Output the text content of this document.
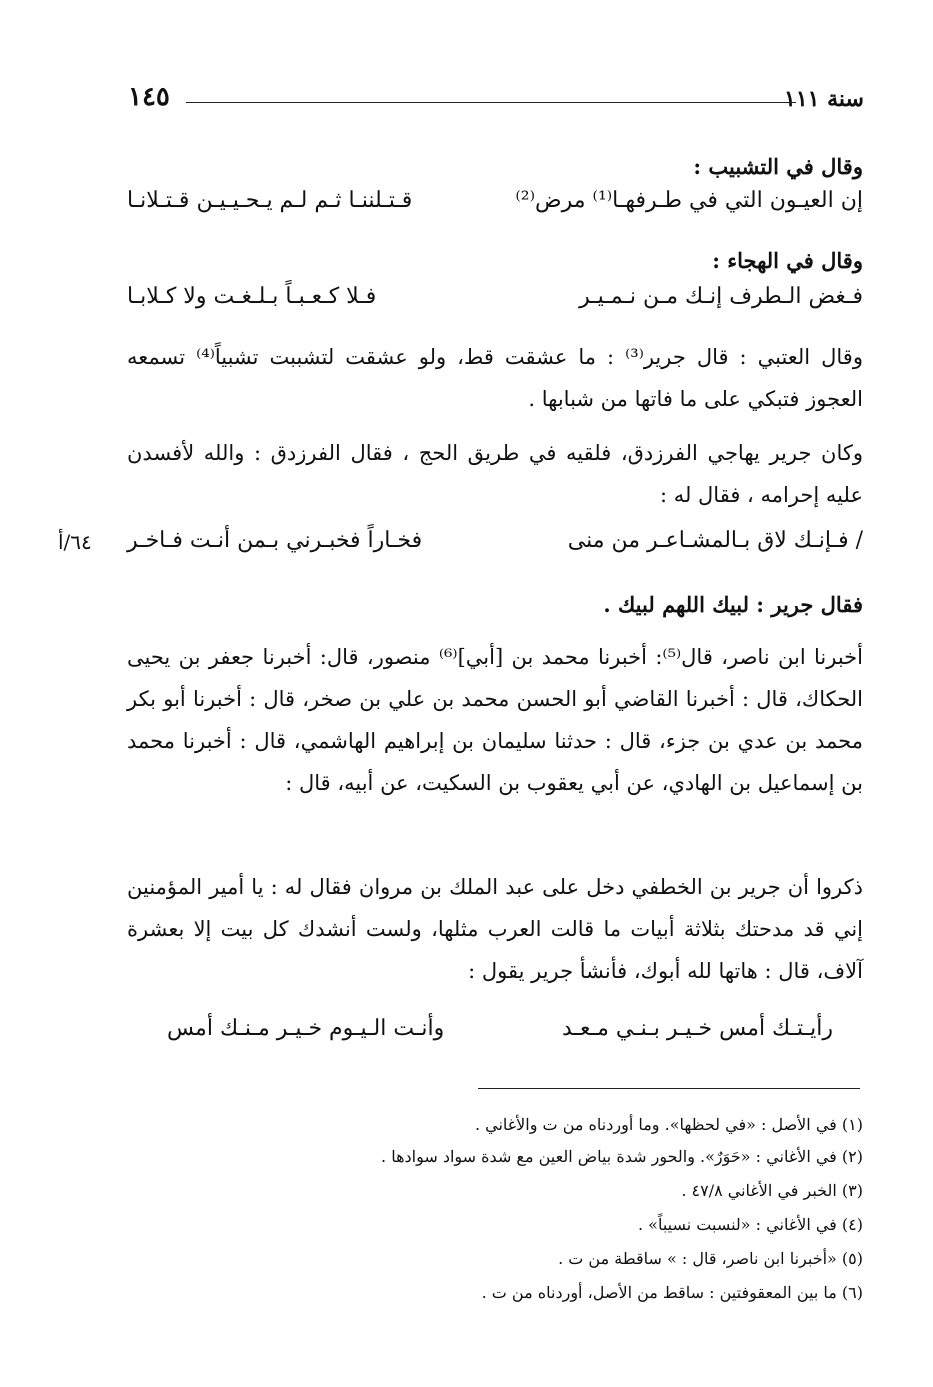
سنة ١١١
١٤٥
وقال في التشبيب :
إن العيـون التي في طـرفهـا⁽¹⁾ مرض⁽²⁾
قـتـلننـا ثـم لـم يـحـيـيـن قـتـلانـا
وقال في الهجاء :
فـغض الـطرف إنـك مـن نـمـيـر
فـلا كـعـبـاً بـلـغـت ولا كـلابـا
وقال العتبي : قال جرير⁽³⁾ : ما عشقت قط، ولو عشقت لتشببت تشبياً⁽⁴⁾ تسمعه العجوز فتبكي على ما فاتها من شبابها .
وكان جرير يهاجي الفرزدق، فلقيه في طريق الحج ، فقال الفرزدق : والله لأفسدن عليه إحرامه ، فقال له :
/ فـإنـك لاق بـالمشـاعـر من منى
فخـاراً فخبـرني بـمن أنـت فـاخـر
٦٤/أ
فقال جرير : لبيك اللهم لبيك .
أخبرنا ابن ناصر، قال⁽⁵⁾: أخبرنا محمد بن [أبي]⁽⁶⁾ منصور، قال: أخبرنا جعفر بن يحيى الحكاك، قال : أخبرنا القاضي أبو الحسن محمد بن علي بن صخر، قال : أخبرنا أبو بكر محمد بن عدي بن جزء، قال : حدثنا سليمان بن إبراهيم الهاشمي، قال : أخبرنا محمد بن إسماعيل بن الهادي، عن أبي يعقوب بن السكيت، عن أبيه، قال :
ذكروا أن جرير بن الخطفي دخل على عبد الملك بن مروان فقال له : يا أمير المؤمنين إني قد مدحتك بثلاثة أبيات ما قالت العرب مثلها، ولست أنشدك كل بيت إلا بعشرة آلاف، قال : هاتها لله أبوك، فأنشأ جرير يقول :
رأيـتـك أمس خـيـر بـنـي مـعـد
وأنـت الـيـوم خـيـر مـنـك أمس
(١) في الأصل : «في لحظها». وما أوردناه من ت والأغاني .
(٢) في الأغاني : «حَوَرٌ». والحور شدة بياض العين مع شدة سواد سوادها .
(٣) الخبر في الأغاني ٤٧/٨ .
(٤) في الأغاني : «لنسبت نسيباً» .
(٥) «أخبرنا ابن ناصر، قال : » ساقطة من ت .
(٦) ما بين المعقوفتين : ساقط من الأصل، أوردناه من ت .
